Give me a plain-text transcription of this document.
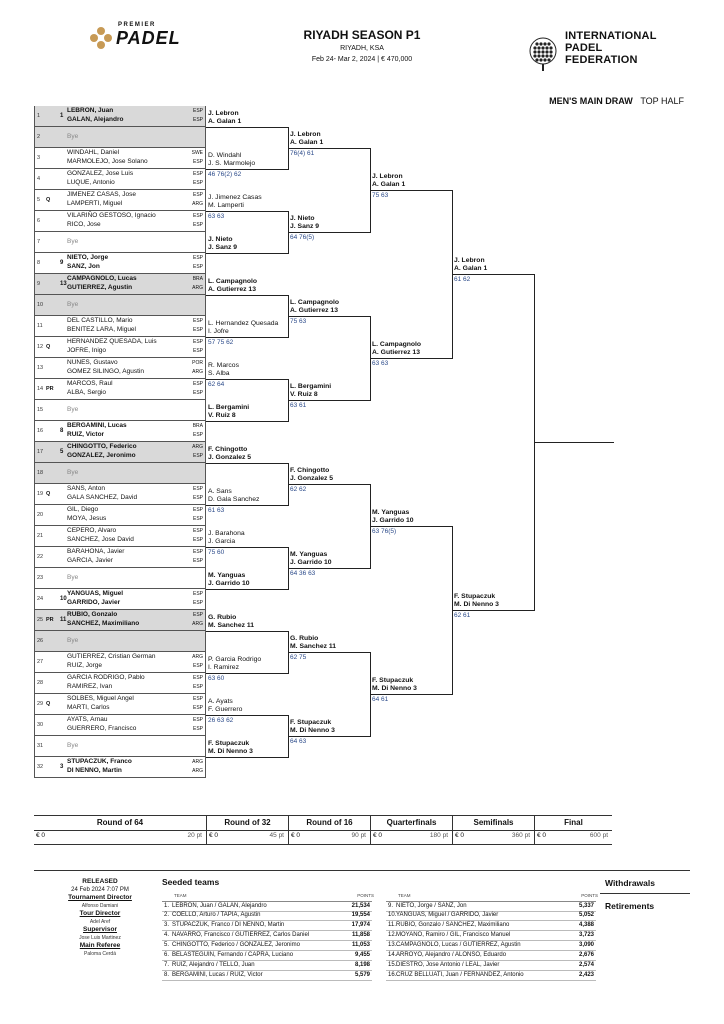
PREMIER
PADEL	RIYADH SEASON P1
RIYADH, KSA
Feb 24- Mar 2, 2024 | € 470,000
INTERNATIONAL
PADEL
FEDERATION
MEN'S MAIN DRAW TOP HALF
1	1
LEBRON, Juan	ESP
GALAN, Alejandro	ESP
2	Bye
3
WINDAHL, Daniel	SWE
MARMOLEJO, Jose Solano	ESP
4
GONZALEZ, Jose Luis	ESP
LUQUE, Antonio	ESP
5 Q
JIMENEZ CASAS, Jose	ESP
LAMPERTI, Miguel	ARG
6
VILARIÑO GESTOSO, Ignacio	ESP
RICO, Jose	ESP
7	Bye
8	9
NIETO, Jorge	ESP
SANZ, Jon	ESP
9	13
CAMPAGNOLO, Lucas	BRA
GUTIERREZ, Agustin	ARG
10	Bye
11
DEL CASTILLO, Mario	ESP
BENITEZ LARA, Miguel	ESP
12 Q
HERNANDEZ QUESADA, Luis	ESP
JOFRE, Inigo	ESP
13
NUNES, Gustavo	POR
GOMEZ SILINGO, Agustin	ARG
14 PR
MARCOS, Raul	ESP
ALBA, Sergio	ESP
15	Bye
16	8
BERGAMINI, Lucas	BRA
RUIZ, Victor	ESP
17	5
CHINGOTTO, Federico	ARG
GONZALEZ, Jeronimo	ESP
18	Bye
19 Q
SANS, Anton	ESP
GALA SANCHEZ, David	ESP
20
GIL, Diego	ESP
MOYA, Jesus	ESP
21
CEPERO, Alvaro	ESP
SANCHEZ, Jose David	ESP
22
BARAHONA, Javier	ESP
GARCIA, Javier	ESP
23	Bye
24	10
YANGUAS, Miguel	ESP
GARRIDO, Javier	ESP
25 PR 11
RUBIO, Gonzalo	ESP
SANCHEZ, Maximiliano	ARG
26	Bye
27
GUTIERREZ, Cristian German	ARG
RUIZ, Jorge	ESP
28
GARCIA RODRIGO, Pablo	ESP
RAMIREZ, Ivan	ESP
29 Q
SOLBES, Miguel Angel	ESP
MARTI, Carlos	ESP
30
AYATS, Arnau	ESP
GUERRERO, Francisco	ESP
31	Bye
32	3
STUPACZUK, Franco	ARG
DI NENNO, Martin	ARG
J. Lebron
A. Galan 1
D. Windahl
J. S. Marmolejo
46 76(2) 62
J. Jimenez Casas
M. Lamperti
63 63
J. Nieto
J. Sanz 9
L. Campagnolo
A. Gutierrez 13
L. Hernandez Quesada
I. Jofre
57 75 62
R. Marcos
S. Alba
62 64
L. Bergamini
V. Ruiz 8
F. Chingotto
J. Gonzalez 5
A. Sans
D. Gala Sanchez
61 63
J. Barahona
J. Garcia
75 60
M. Yanguas
J. Garrido 10
G. Rubio
M. Sanchez 11
P. Garcia Rodrigo
I. Ramirez
63 60
A. Ayats
F. Guerrero
26 63 62
F. Stupaczuk
M. Di Nenno 3
J. Lebron
A. Galan 1
76(4) 61
J. Nieto
J. Sanz 9
64 76(5)
L. Campagnolo
A. Gutierrez 13
75 63
L. Bergamini
V. Ruiz 8
63 61
F. Chingotto
J. Gonzalez 5
62 62
M. Yanguas
J. Garrido 10
64 36 63
G. Rubio
M. Sanchez 11
62 75
F. Stupaczuk
M. Di Nenno 3
64 63
J. Lebron
A. Galan 1
75 63
L. Campagnolo
A. Gutierrez 13
63 63
M. Yanguas
J. Garrido 10
63 76(5)
F. Stupaczuk
M. Di Nenno 3
64 61
J. Lebron
A. Galan 1
61 62
F. Stupaczuk
M. Di Nenno 3
62 61
Round of 64
€ 0	20 pt
Round of 32
€ 0	45 pt
Round of 16
€ 0	90 pt
Quarterfinals
€ 0	180 pt
Semifinals
€ 0	360 pt
Final
€ 0	600 pt
RELEASED
24 Feb 2024 7:07 PM
Tournament Director
Alfonso Damiani
Tour Director
Adel Aref
Supervisor
Jose Luis Martinez
Main Referee
Paloma Cerdá
Seeded teams
TEAM	POINTS
1. LEBRON, Juan / GALAN, Alejandro	21,534
2. COELLO, Arturo / TAPIA, Agustin	19,554
3. STUPACZUK, Franco / DI NENNO, Martin	17,974
4. NAVARRO, Francisco / GUTIERREZ, Carlos Daniel	11,858
5. CHINGOTTO, Federico / GONZALEZ, Jeronimo	11,053
6. BELASTEGUIN, Fernando / CAPRA, Luciano	9,455
7. RUIZ, Alejandro / TELLO, Juan	8,198
8. BERGAMINI, Lucas / RUIZ, Victor	5,579
TEAM	POINTS
9. NIETO, Jorge / SANZ, Jon	5,337
10. YANGUAS, Miguel / GARRIDO, Javier	5,052
11. RUBIO, Gonzalo / SANCHEZ, Maximiliano	4,388
12. MOYANO, Ramiro / GIL, Francisco Manuel	3,723
13. CAMPAGNOLO, Lucas / GUTIERREZ, Agustin	3,090
14. ARROYO, Alejandro / ALONSO, Eduardo	2,676
15. DIESTRO, Jose Antonio / LEAL, Javier	2,574
16. CRUZ BELLUATI, Juan / FERNANDEZ, Antonio	2,423
Withdrawals
Retirements
